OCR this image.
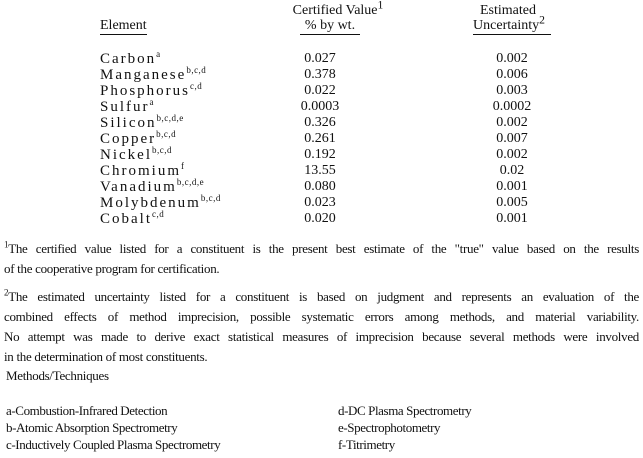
Certified Value$^1$	Estimated
Element	% by wt.	Uncertainty$^2$
Carbon$^a$	0.027	0.002
Manganese$^{b,c,d}$	0.378	0.006
Phosphorus$^{c,d}$	0.022	0.003
Sulfur$^a$	0.0003	0.0002
Silicon$^{b,c,d,e}$	0.326	0.002
Copper$^{b,c,d}$	0.261	0.007
Nickel$^{b,c,d}$	0.192	0.002
Chromium$^f$	13.55	0.02
Vanadium$^{b,c,d,e}$	0.080	0.001
Molybdenum$^{b,c,d}$	0.023	0.005
Cobalt$^{c,d}$	0.020	0.001
$^1$The certified value listed for a constituent is the present best estimate of the "true" value based on the results
of the cooperative program for certification.
$^2$The estimated uncertainty listed for a constituent is based on judgment and represents an evaluation of the
combined effects of method imprecision, possible systematic errors among methods, and material variability.
No attempt was made to derive exact statistical measures of imprecision because several methods were involved
in the determination of most constituents.
Methods/Techniques
a-Combustion-Infrared Detection	d-DC Plasma Spectrometry
b-Atomic Absorption Spectrometry	e-Spectrophotometry
c-Inductively Coupled Plasma Spectrometry	f-Titrimetry
